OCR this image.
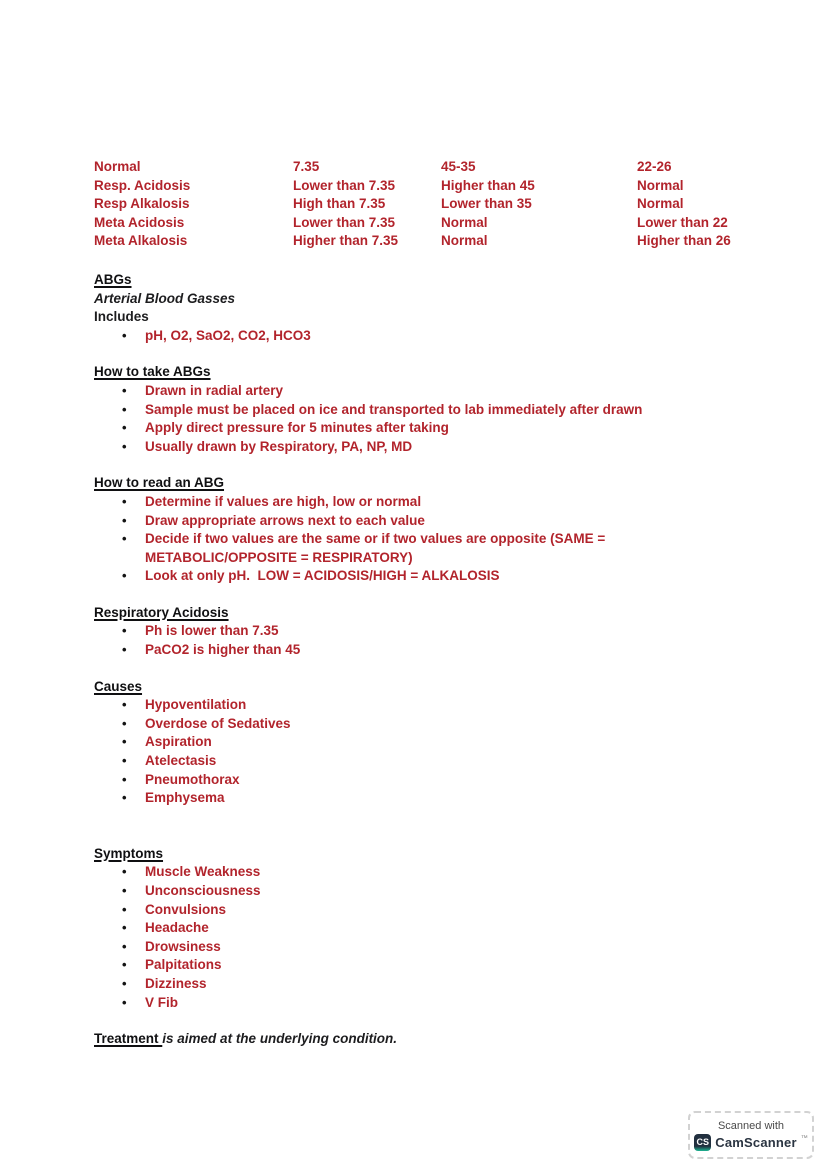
Normal	7.35	45-35	22-26
Resp. Acidosis	Lower than 7.35	Higher than 45	Normal
Resp Alkalosis	High than 7.35	Lower than 35	Normal
Meta Acidosis	Lower than 7.35	Normal	Lower than 22
Meta Alkalosis	Higher than 7.35	Normal	Higher than 26
ABGs
Arterial Blood Gasses
Includes
• pH, O2, SaO2, CO2, HCO3
How to take ABGs
• Drawn in radial artery
• Sample must be placed on ice and transported to lab immediately after drawn
• Apply direct pressure for 5 minutes after taking
• Usually drawn by Respiratory, PA, NP, MD
How to read an ABG
• Determine if values are high, low or normal
• Draw appropriate arrows next to each value
• Decide if two values are the same or if two values are opposite (SAME = METABOLIC/OPPOSITE = RESPIRATORY)
• Look at only pH.  LOW = ACIDOSIS/HIGH = ALKALOSIS
Respiratory Acidosis
• Ph is lower than 7.35
• PaCO2 is higher than 45
Causes
• Hypoventilation
• Overdose of Sedatives
• Aspiration
• Atelectasis
• Pneumothorax
• Emphysema
Symptoms
• Muscle Weakness
• Unconsciousness
• Convulsions
• Headache
• Drowsiness
• Palpitations
• Dizziness
• V Fib
Treatment is aimed at the underlying condition.
Scanned with
CS CamScanner ™
